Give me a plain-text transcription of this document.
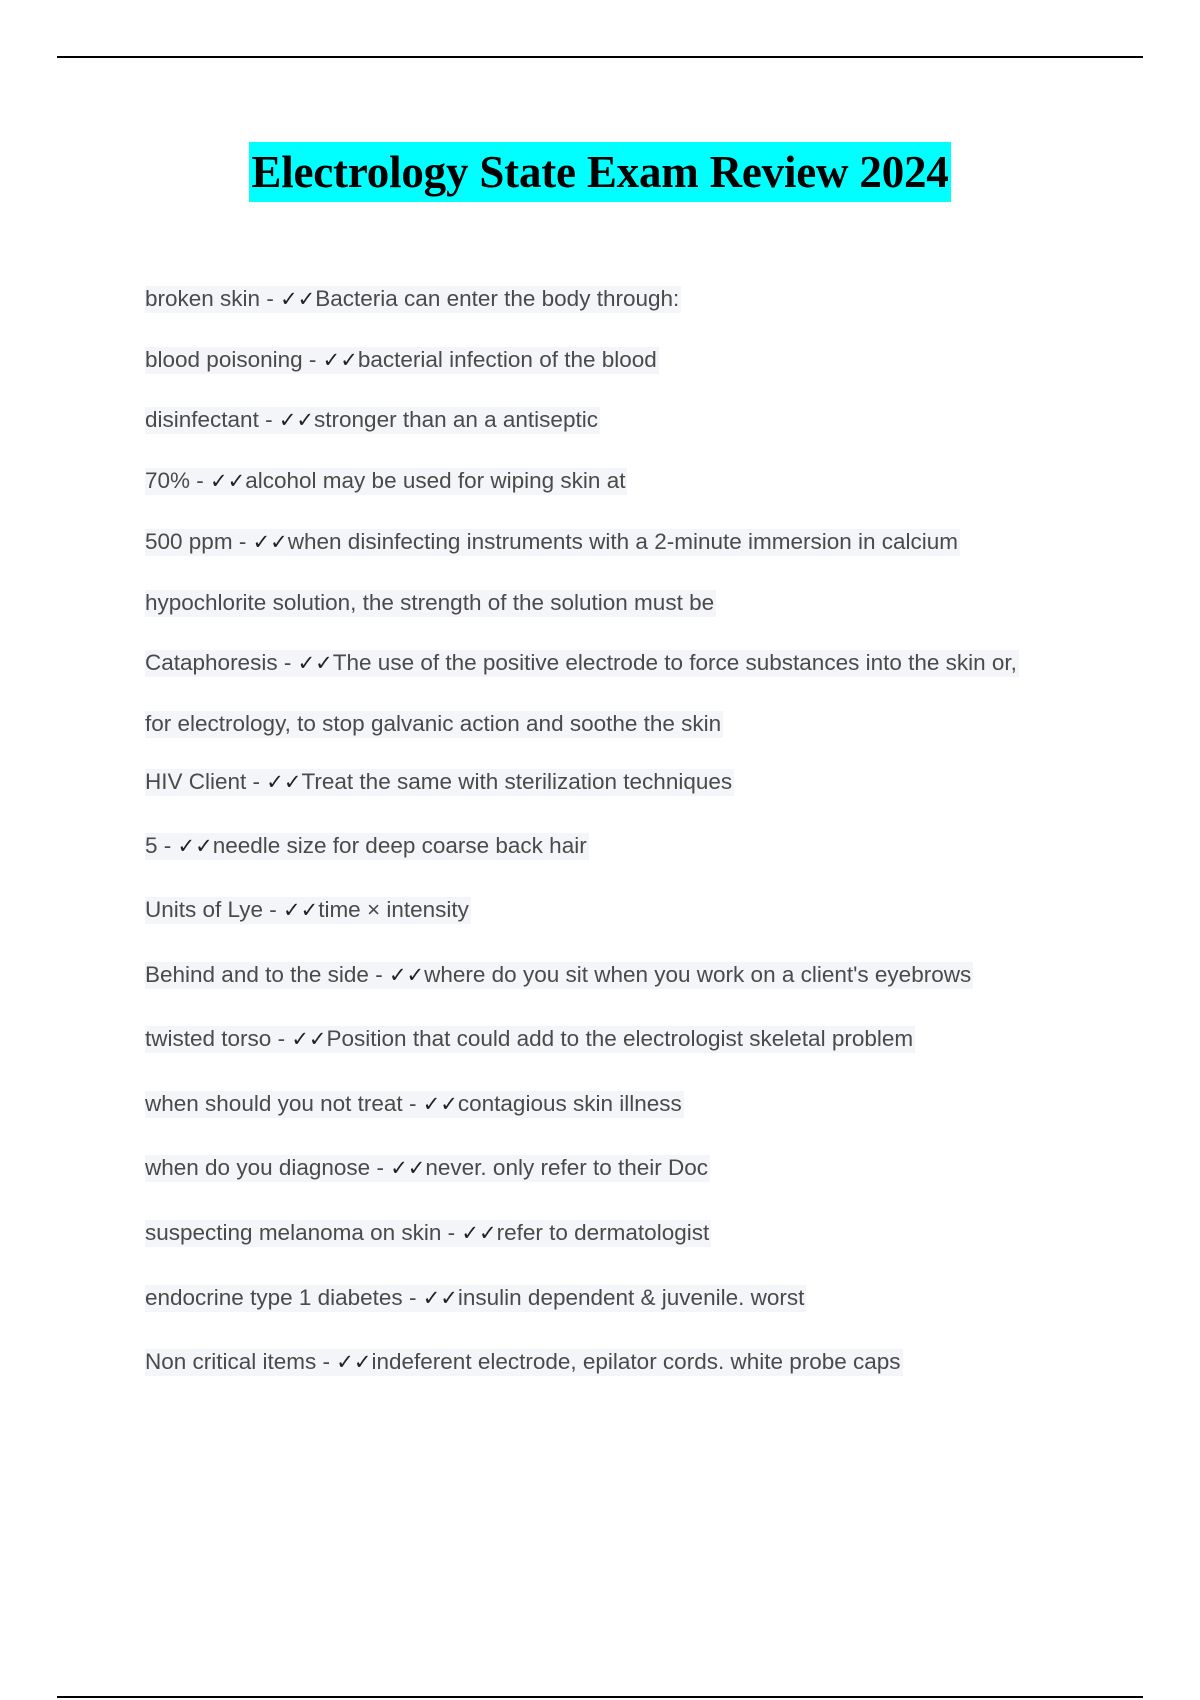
Electrology State Exam Review 2024

broken skin - ✓✓Bacteria can enter the body through:

blood poisoning - ✓✓bacterial infection of the blood

disinfectant - ✓✓stronger than an a antiseptic

70% - ✓✓alcohol may be used for wiping skin at

500 ppm - ✓✓when disinfecting instruments with a 2-minute immersion in calcium

hypochlorite solution, the strength of the solution must be

Cataphoresis - ✓✓The use of the positive electrode to force substances into the skin or,

for electrology, to stop galvanic action and soothe the skin

HIV Client - ✓✓Treat the same with sterilization techniques

5 - ✓✓needle size for deep coarse back hair

Units of Lye - ✓✓time × intensity

Behind and to the side - ✓✓where do you sit when you work on a client's eyebrows

twisted torso - ✓✓Position that could add to the electrologist skeletal problem

when should you not treat - ✓✓contagious skin illness

when do you diagnose - ✓✓never. only refer to their Doc

suspecting melanoma on skin - ✓✓refer to dermatologist

endocrine type 1 diabetes - ✓✓insulin dependent & juvenile. worst

Non critical items - ✓✓indeferent electrode, epilator cords. white probe caps
